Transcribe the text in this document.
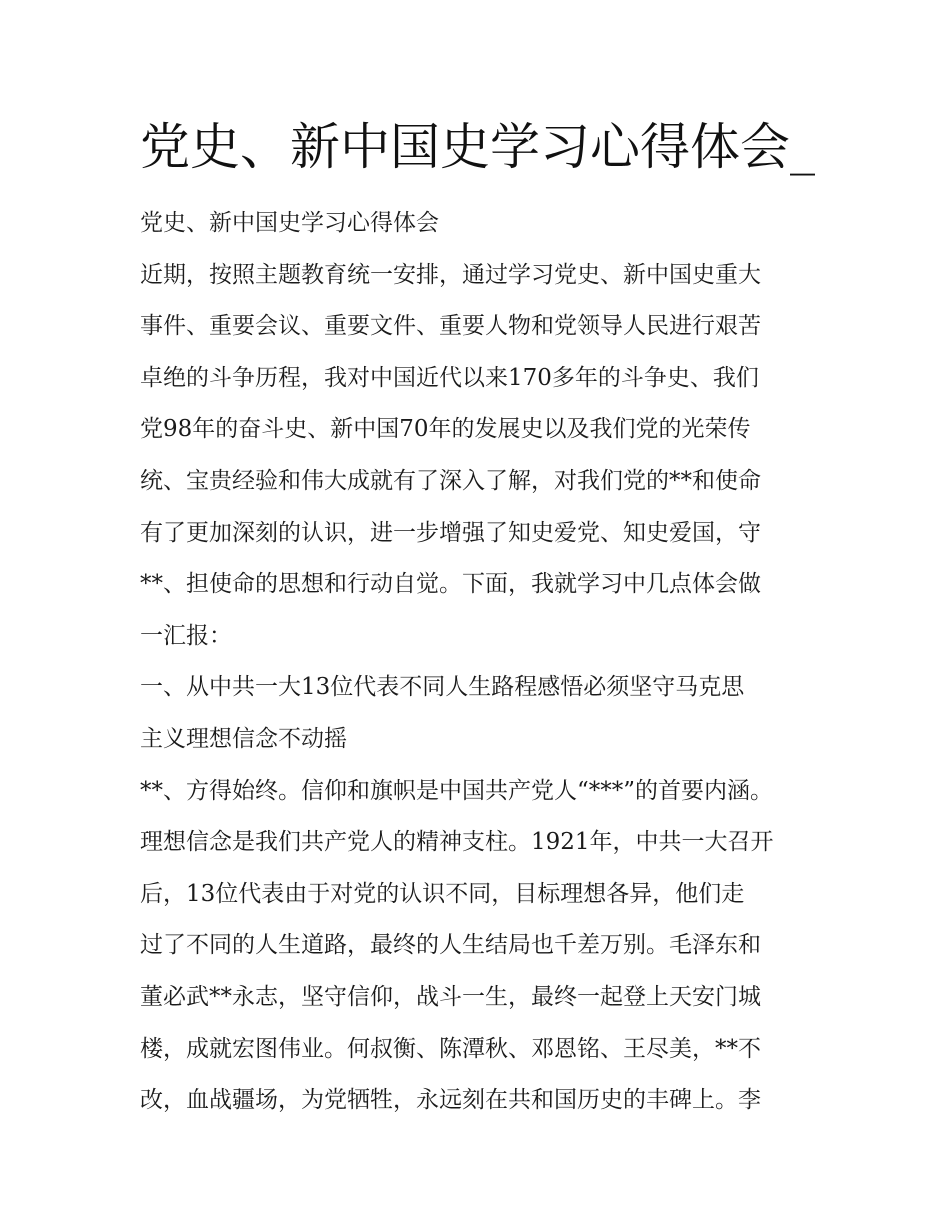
党史、新中国史学习心得体会_

党史、新中国史学习心得体会

近期，按照主题教育统一安排，通过学习党史、新中国史重大

事件、重要会议、重要文件、重要人物和党领导人民进行艰苦

卓绝的斗争历程，我对中国近代以来170多年的斗争史、我们

党98年的奋斗史、新中国70年的发展史以及我们党的光荣传

统、宝贵经验和伟大成就有了深入了解，对我们党的**和使命

有了更加深刻的认识，进一步增强了知史爱党、知史爱国，守

**、担使命的思想和行动自觉。下面，我就学习中几点体会做

一汇报：

一、从中共一大13位代表不同人生路程感悟必须坚守马克思

主义理想信念不动摇

**、方得始终。信仰和旗帜是中国共产党人“***”的首要内涵。

理想信念是我们共产党人的精神支柱。1921年，中共一大召开

后，13位代表由于对党的认识不同，目标理想各异，他们走

过了不同的人生道路，最终的人生结局也千差万别。毛泽东和

董必武**永志，坚守信仰，战斗一生，最终一起登上天安门城

楼，成就宏图伟业。何叔衡、陈潭秋、邓恩铭、王尽美，**不

改，血战疆场，为党牺牲，永远刻在共和国历史的丰碑上。李
